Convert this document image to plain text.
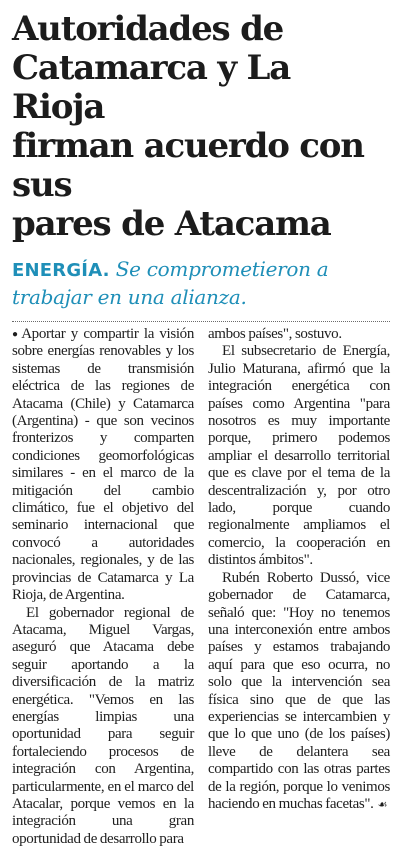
Autoridades de
Catamarca y La Rioja
firman acuerdo con sus
pares de Atacama
ENERGÍA. Se comprometieron a trabajar en una alianza.

●Aportar y compartir la visión sobre energías renovables y los sistemas de transmisión eléctrica de las regiones de Atacama (Chile) y Catamarca (Argentina) - que son vecinos fronterizos y comparten condiciones geomorfológicas similares - en el marco de la mitigación del cambio climático, fue el objetivo del seminario internacional que convocó a autoridades nacionales, regionales, y de las provincias de Catamarca y La Rioja, de Argentina.

El gobernador regional de Atacama, Miguel Vargas, aseguró que Atacama debe seguir aportando a la diversificación de la matriz energética. "Vemos en las energías limpias una oportunidad para seguir fortaleciendo procesos de integración con Argentina, particularmente, en el marco del Atacalar, porque vemos en la integración una gran oportunidad de desarrollo para

ambos países", sostuvo.

El subsecretario de Energía, Julio Maturana, afirmó que la integración energética con países como Argentina "para nosotros es muy importante porque, primero podemos ampliar el desarrollo territorial que es clave por el tema de la descentralización y, por otro lado, porque cuando regionalmente ampliamos el comercio, la cooperación en distintos ámbitos".

Rubén Roberto Dussó, vice gobernador de Catamarca, señaló que: "Hoy no tenemos una interconexión entre ambos países y estamos trabajando aquí para que eso ocurra, no solo que la intervención sea física sino que de que las experiencias se intercambien y que lo que uno (de los países) lleve de delantera sea compartido con las otras partes de la región, porque lo venimos haciendo en muchas facetas". ☙
